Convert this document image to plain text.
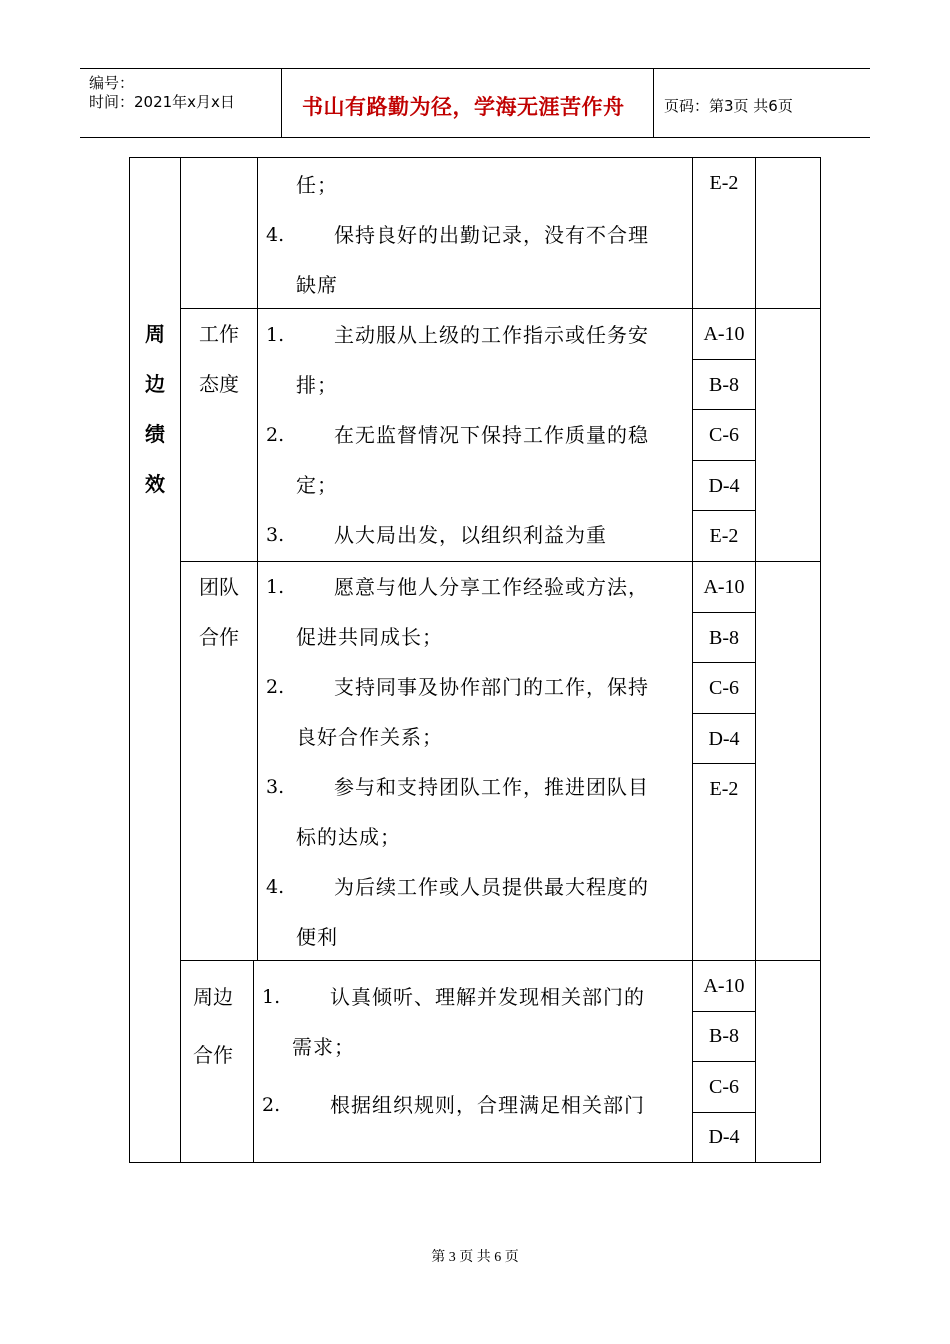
编号：
时间：2021年x月x日	书山有路勤为径，学海无涯苦作舟	页码：第3页 共6页
周
边
绩
效
任；
4. 保持良好的出勤记录，没有不合理
缺席
E-2
工作
态度
1. 主动服从上级的工作指示或任务安
排；
2. 在无监督情况下保持工作质量的稳
定；
3. 从大局出发，以组织利益为重
A-10
B-8
C-6
D-4
E-2
团队
合作
1. 愿意与他人分享工作经验或方法，
促进共同成长；
2. 支持同事及协作部门的工作，保持
良好合作关系；
3. 参与和支持团队工作，推进团队目
标的达成；
4. 为后续工作或人员提供最大程度的
便利
A-10
B-8
C-6
D-4
E-2
周边
合作
1. 认真倾听、理解并发现相关部门的
需求；
2. 根据组织规则，合理满足相关部门
A-10
B-8
C-6
D-4
第 3 页 共 6 页
